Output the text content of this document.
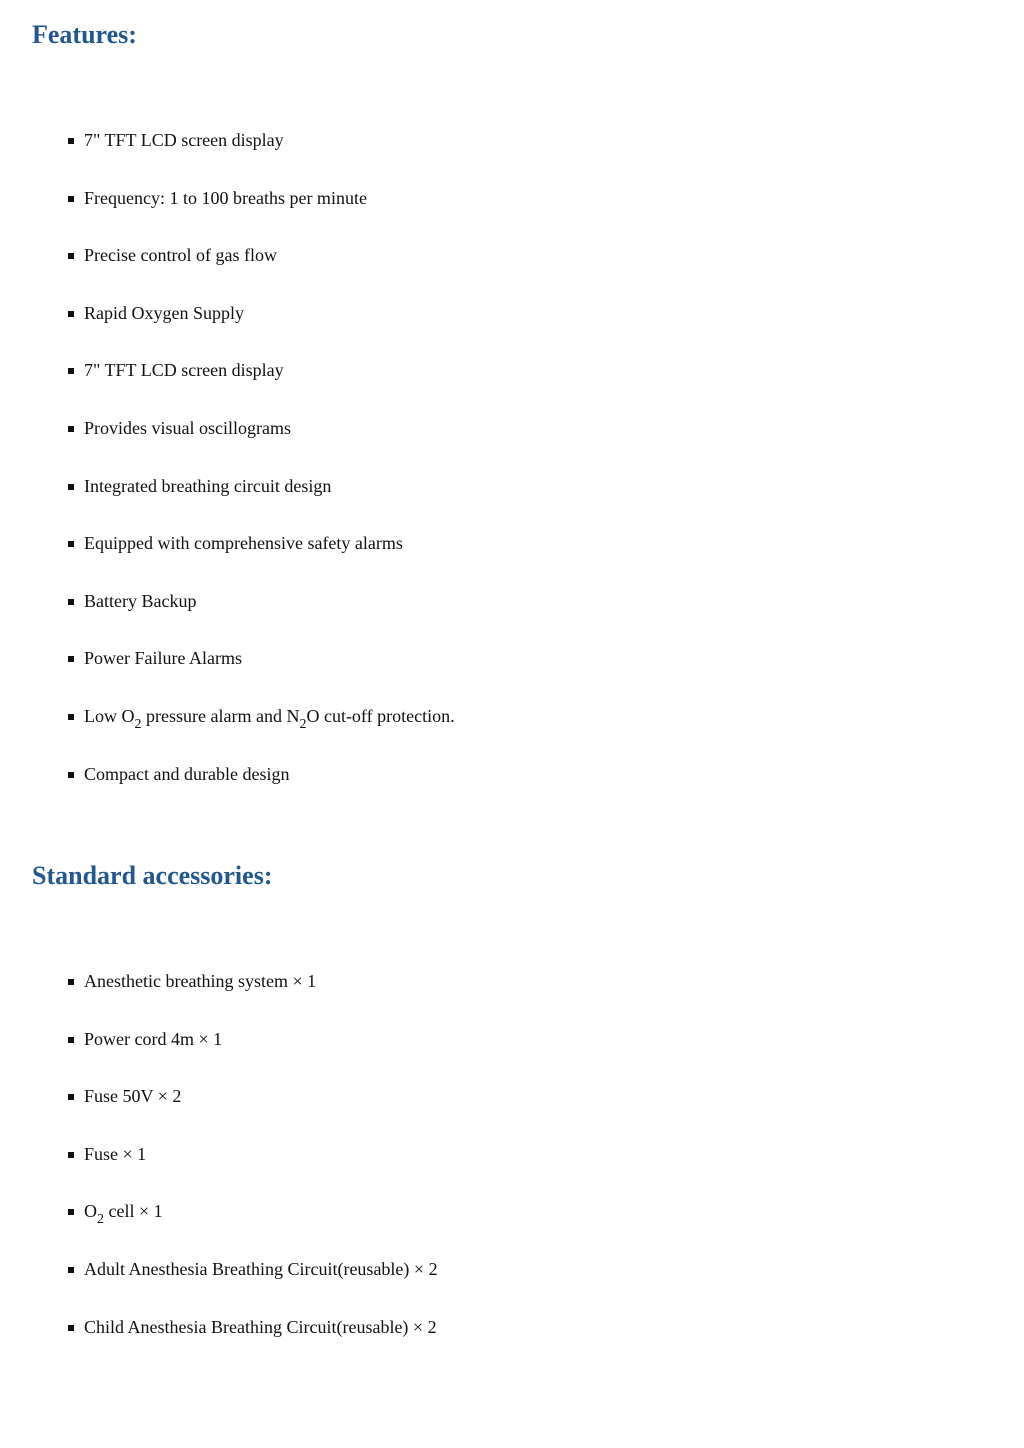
Features:
7" TFT LCD screen display
Frequency: 1 to 100 breaths per minute
Precise control of gas flow
Rapid Oxygen Supply
7" TFT LCD screen display
Provides visual oscillograms
Integrated breathing circuit design
Equipped with comprehensive safety alarms
Battery Backup
Power Failure Alarms
Low $O_2$ pressure alarm and $N_2O$ cut-off protection.
Compact and durable design
Standard accessories:
Anesthetic breathing system × 1
Power cord 4m × 1
Fuse 50V × 2
Fuse × 1
$O_2$ cell × 1
Adult Anesthesia Breathing Circuit(reusable) × 2
Child Anesthesia Breathing Circuit(reusable) × 2
